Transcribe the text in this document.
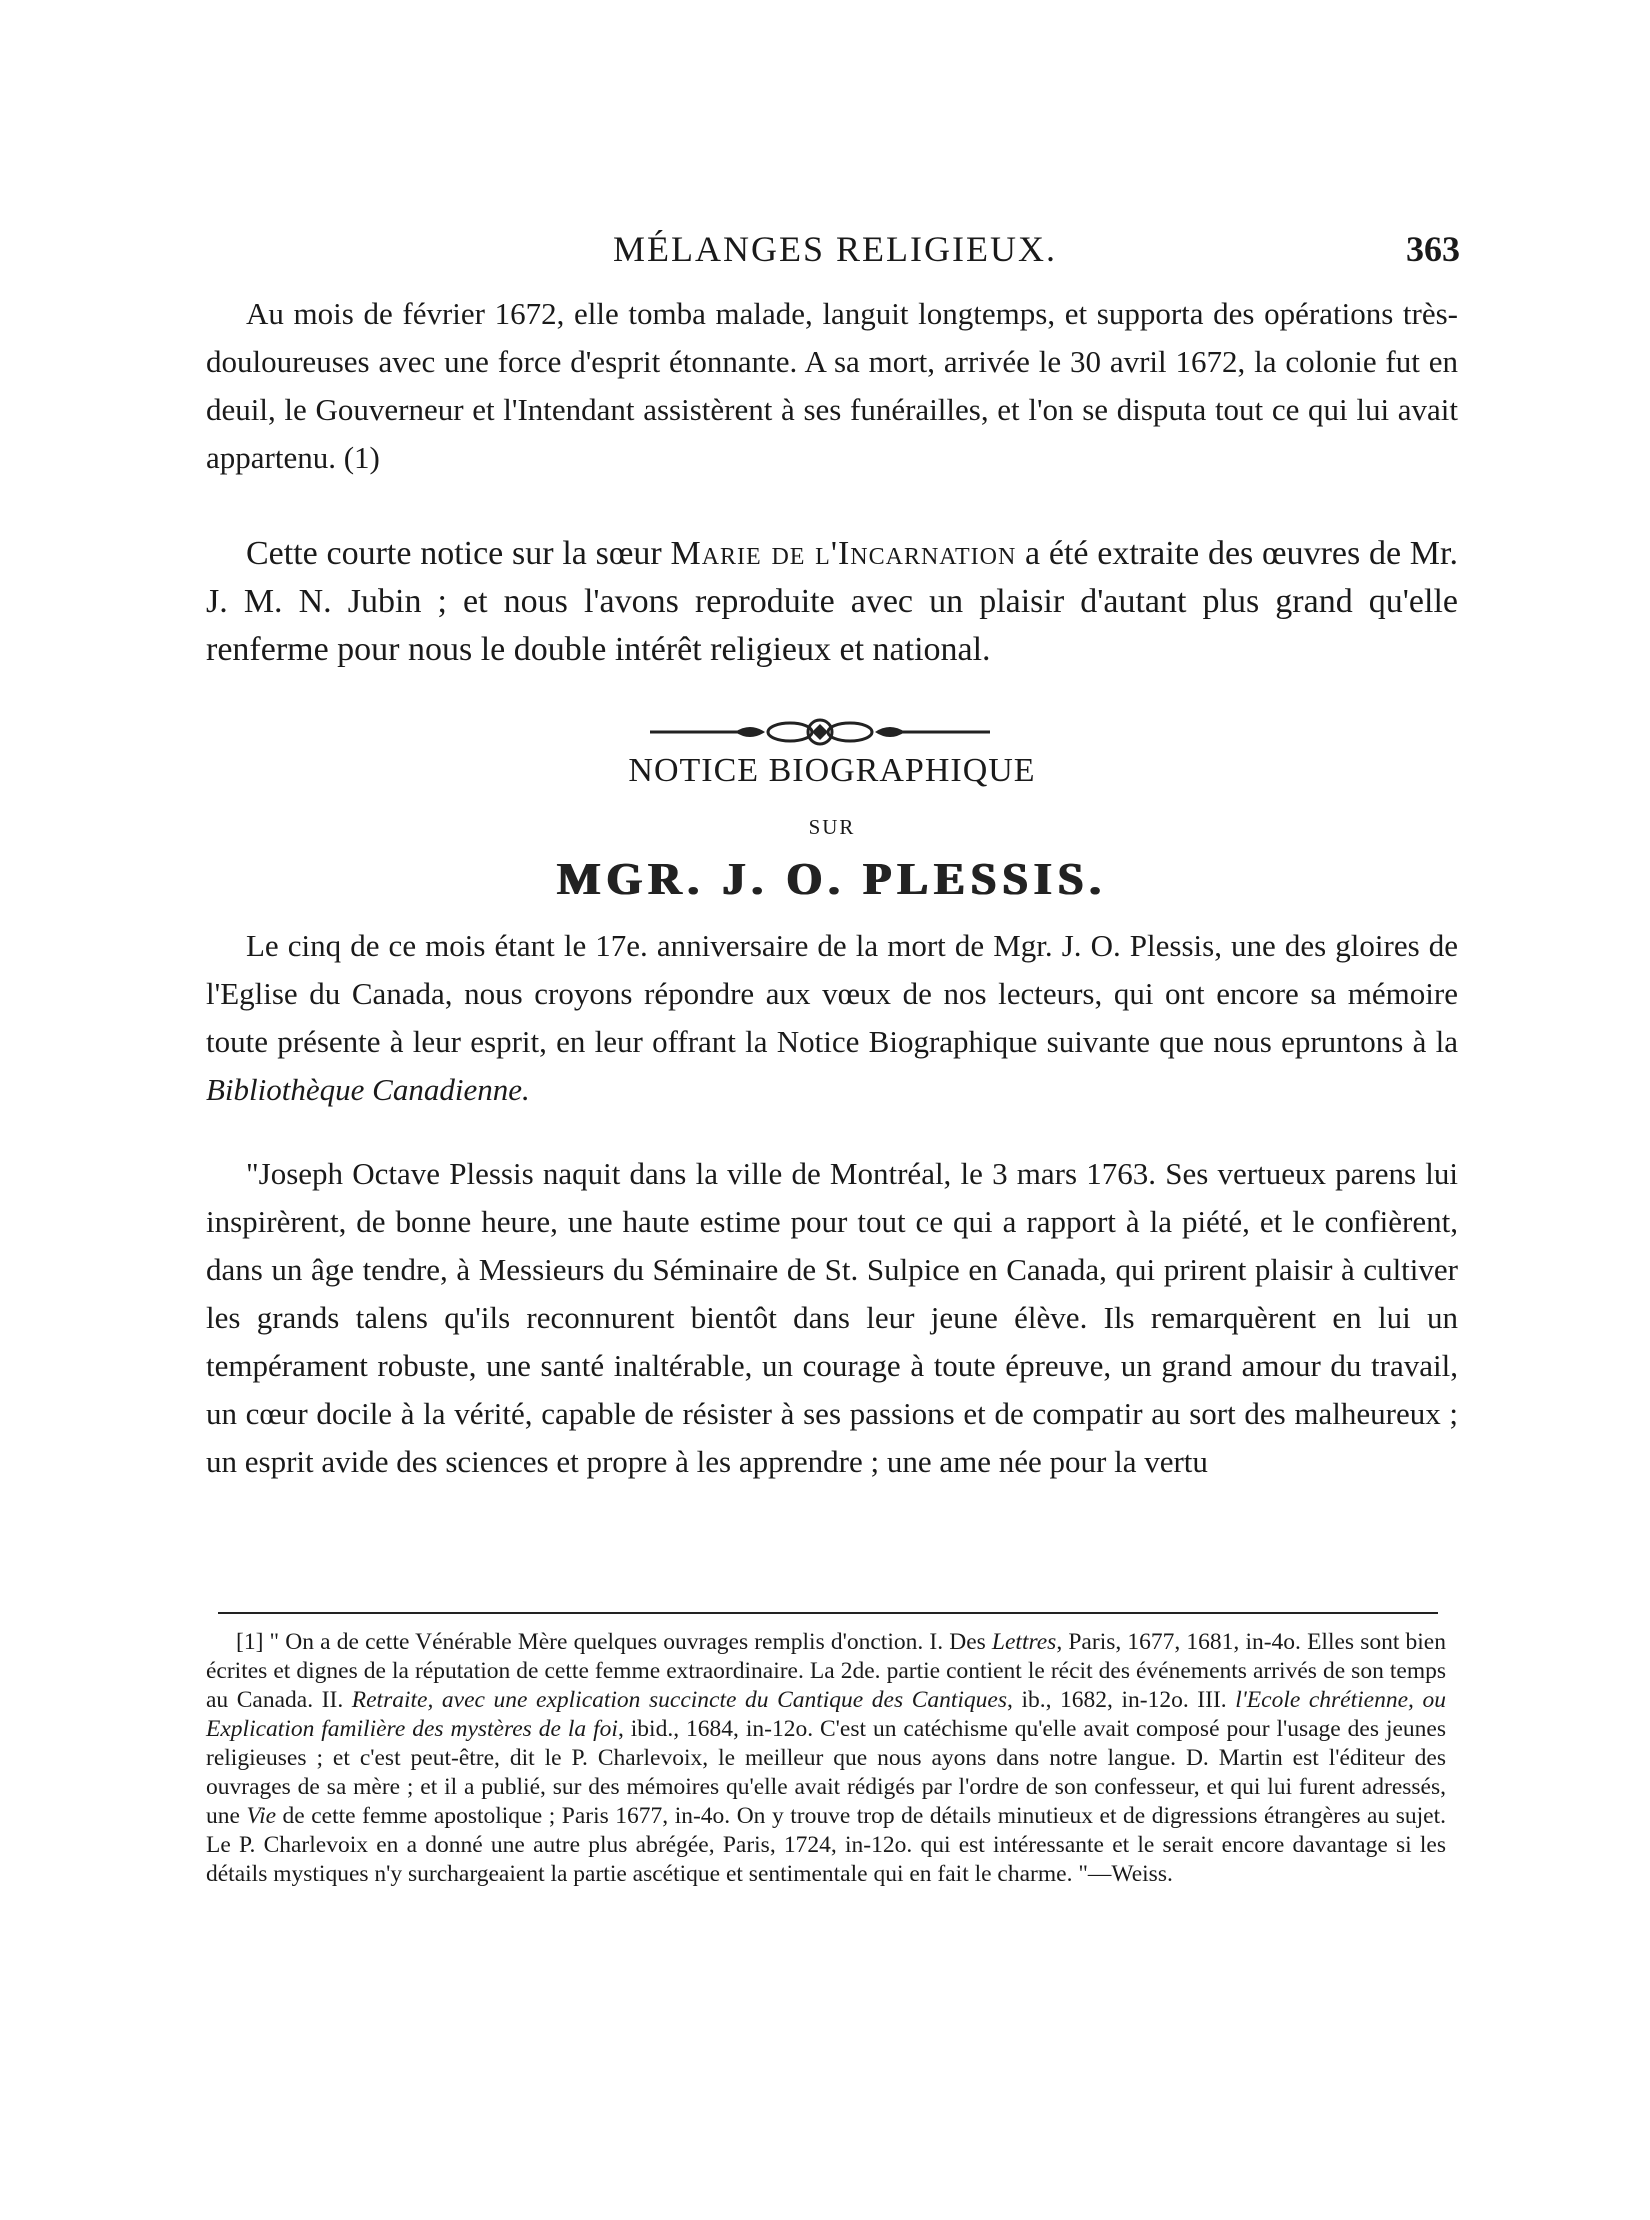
MÉLANGES RELIGIEUX.	363

Au mois de février 1672, elle tomba malade, languit longtemps, et supporta des opérations très-douloureuses avec une force d'esprit étonnante. A sa mort, arrivée le 30 avril 1672, la colonie fut en deuil, le Gouverneur et l'Intendant assistèrent à ses funérailles, et l'on se disputa tout ce qui lui avait appartenu. (1)

Cette courte notice sur la sœur Marie de l'Incarnation a été extraite des œuvres de Mr. J. M. N. Jubin ; et nous l'avons reproduite avec un plaisir d'autant plus grand qu'elle renferme pour nous le double intérêt religieux et national.

NOTICE BIOGRAPHIQUE
SUR
MGR. J. O. PLESSIS.

Le cinq de ce mois étant le 17e. anniversaire de la mort de Mgr. J. O. Plessis, une des gloires de l'Eglise du Canada, nous croyons répondre aux vœux de nos lecteurs, qui ont encore sa mémoire toute présente à leur esprit, en leur offrant la Notice Biographique suivante que nous epruntons à la Bibliothèque Canadienne.

"Joseph Octave Plessis naquit dans la ville de Montréal, le 3 mars 1763. Ses vertueux parens lui inspirèrent, de bonne heure, une haute estime pour tout ce qui a rapport à la piété, et le confièrent, dans un âge tendre, à Messieurs du Séminaire de St. Sulpice en Canada, qui prirent plaisir à cultiver les grands talens qu'ils reconnurent bientôt dans leur jeune élève. Ils remarquèrent en lui un tempérament robuste, une santé inaltérable, un courage à toute épreuve, un grand amour du travail, un cœur docile à la vérité, capable de résister à ses passions et de compatir au sort des malheureux ; un esprit avide des sciences et propre à les apprendre ; une ame née pour la vertu

[1] " On a de cette Vénérable Mère quelques ouvrages remplis d'onction. I. Des Lettres, Paris, 1677, 1681, in-4o. Elles sont bien écrites et dignes de la réputation de cette femme extraordinaire. La 2de. partie contient le récit des événements arrivés de son temps au Canada. II. Retraite, avec une explication succincte du Cantique des Cantiques, ib., 1682, in-12o. III. l'Ecole chrétienne, ou Explication familière des mystères de la foi, ibid., 1684, in-12o. C'est un catéchisme qu'elle avait composé pour l'usage des jeunes religieuses ; et c'est peut-être, dit le P. Charlevoix, le meilleur que nous ayons dans notre langue. D. Martin est l'éditeur des ouvrages de sa mère ; et il a publié, sur des mémoires qu'elle avait rédigés par l'ordre de son confesseur, et qui lui furent adressés, une Vie de cette femme apostolique ; Paris 1677, in-4o. On y trouve trop de détails minutieux et de digressions étrangères au sujet. Le P. Charlevoix en a donné une autre plus abrégée, Paris, 1724, in-12o. qui est intéressante et le serait encore davantage si les détails mystiques n'y surchargeaient la partie ascétique et sentimentale qui en fait le charme. "—Weiss.
